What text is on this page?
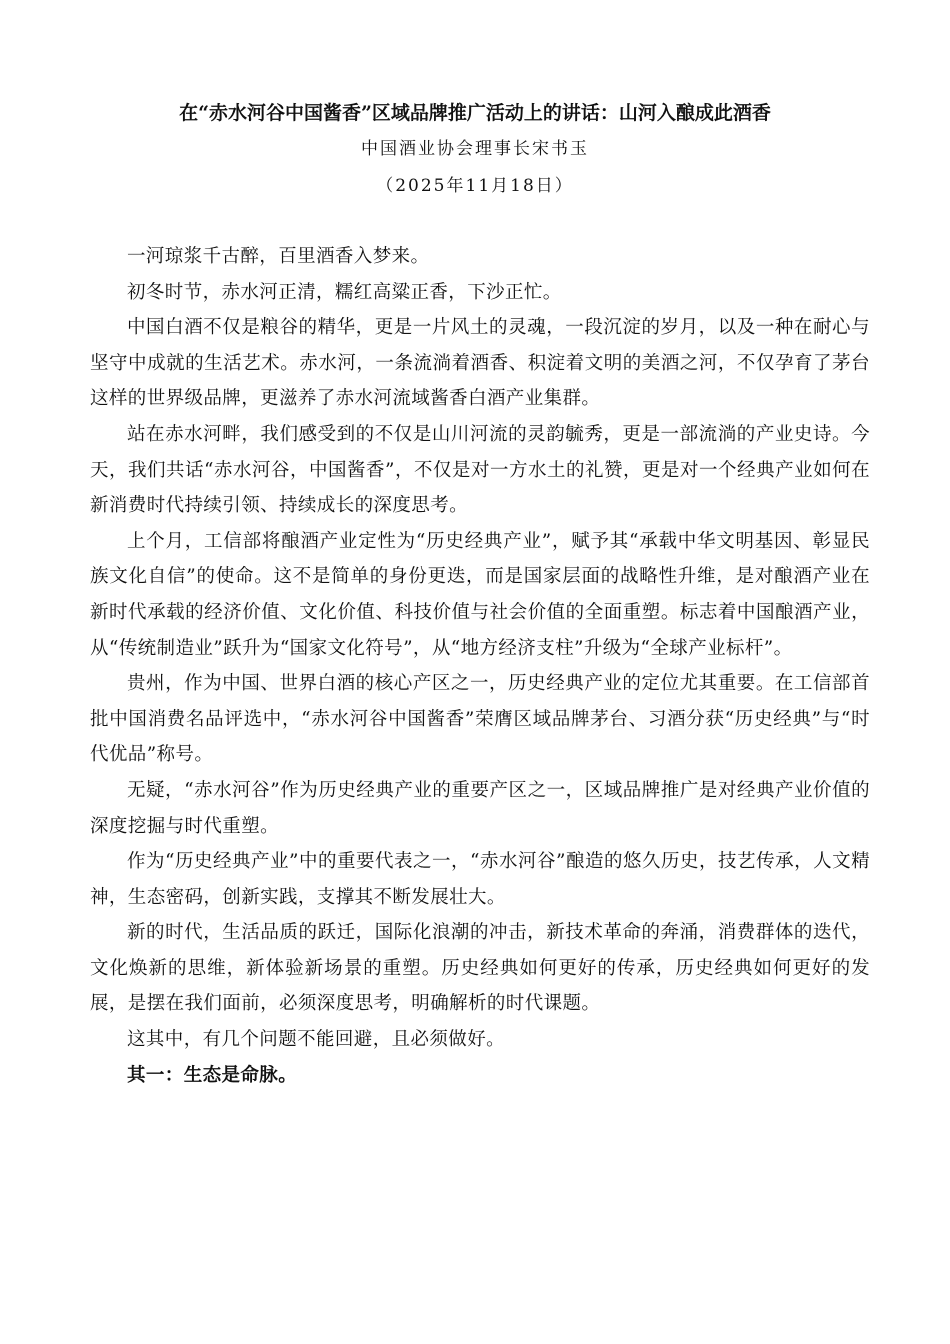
在“赤水河谷中国酱香”区域品牌推广活动上的讲话：山河入酿成此酒香
中国酒业协会理事长宋书玉
（2025年11月18日）

一河琼浆千古醉，百里酒香入梦来。

初冬时节，赤水河正清，糯红高粱正香，下沙正忙。

中国白酒不仅是粮谷的精华，更是一片风土的灵魂，一段沉淀的岁月，以及一种在耐心与坚守中成就的生活艺术。赤水河，一条流淌着酒香、积淀着文明的美酒之河，不仅孕育了茅台这样的世界级品牌，更滋养了赤水河流域酱香白酒产业集群。

站在赤水河畔，我们感受到的不仅是山川河流的灵韵毓秀，更是一部流淌的产业史诗。今天，我们共话“赤水河谷，中国酱香”，不仅是对一方水土的礼赞，更是对一个经典产业如何在新消费时代持续引领、持续成长的深度思考。

上个月，工信部将酿酒产业定性为“历史经典产业”，赋予其“承载中华文明基因、彰显民族文化自信”的使命。这不是简单的身份更迭，而是国家层面的战略性升维，是对酿酒产业在新时代承载的经济价值、文化价值、科技价值与社会价值的全面重塑。标志着中国酿酒产业，从“传统制造业”跃升为“国家文化符号”，从“地方经济支柱”升级为“全球产业标杆”。

贵州，作为中国、世界白酒的核心产区之一，历史经典产业的定位尤其重要。在工信部首批中国消费名品评选中，“赤水河谷中国酱香”荣膺区域品牌茅台、习酒分获“历史经典”与“时代优品”称号。

无疑，“赤水河谷”作为历史经典产业的重要产区之一，区域品牌推广是对经典产业价值的深度挖掘与时代重塑。

作为“历史经典产业”中的重要代表之一，“赤水河谷”酿造的悠久历史，技艺传承，人文精神，生态密码，创新实践，支撑其不断发展壮大。

新的时代，生活品质的跃迁，国际化浪潮的冲击，新技术革命的奔涌，消费群体的迭代，文化焕新的思维，新体验新场景的重塑。历史经典如何更好的传承，历史经典如何更好的发展，是摆在我们面前，必须深度思考，明确解析的时代课题。

这其中，有几个问题不能回避，且必须做好。

其一：生态是命脉。
